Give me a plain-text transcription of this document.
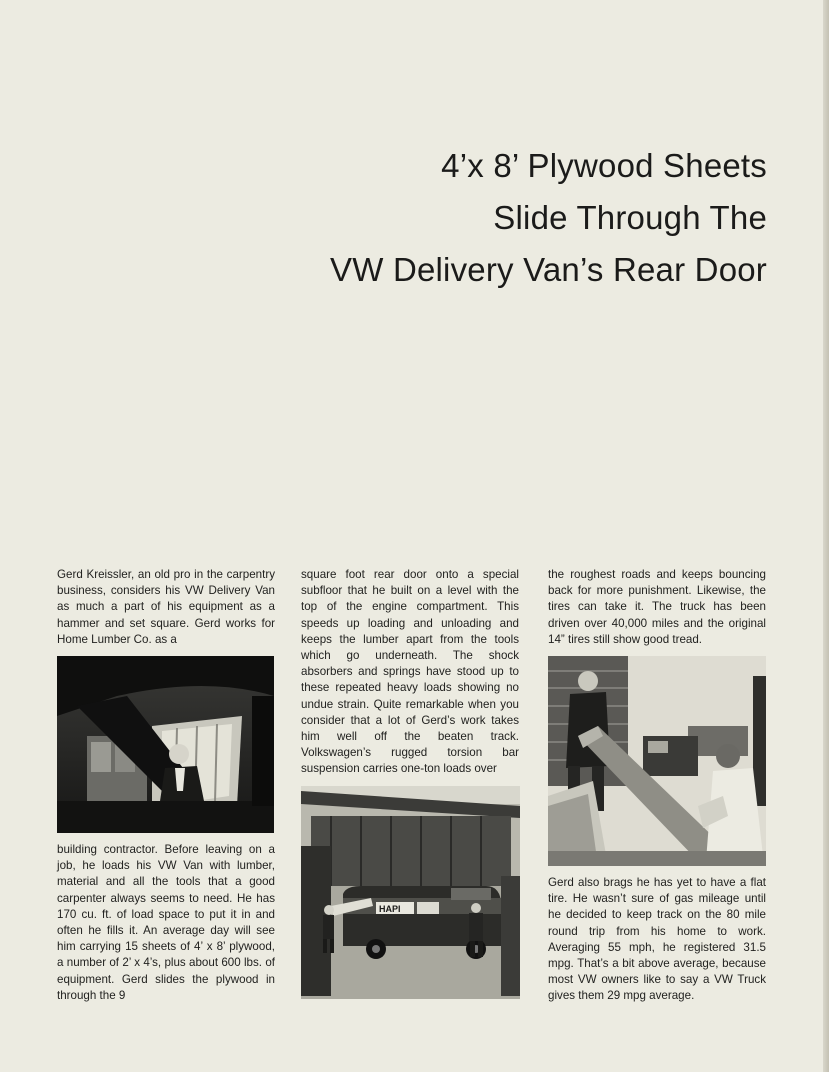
4’x 8’ Plywood Sheets
Slide Through The
VW Delivery Van’s Rear Door

Gerd Kreissler, an old pro in the carpentry business, considers his VW Delivery Van as much a part of his equipment as a hammer and set square. Gerd works for Home Lumber Co. as a

building contractor. Before leaving on a job, he loads his VW Van with lumber, material and all the tools that a good carpenter always seems to need. He has 170 cu. ft. of load space to put it in and often he fills it. An average day will see him carrying 15 sheets of 4’ x 8’ plywood, a number of 2’ x 4’s, plus about 600 lbs. of equipment. Gerd slides the plywood in through the 9

square foot rear door onto a special subfloor that he built on a level with the top of the engine compartment. This speeds up loading and unloading and keeps the lumber apart from the tools which go underneath. The shock absorbers and springs have stood up to these repeated heavy loads showing no undue strain. Quite remarkable when you consider that a lot of Gerd’s work takes him well off the beaten track. Volkswagen’s rugged torsion bar suspension carries one-ton loads over

HAPI

the roughest roads and keeps bouncing back for more punishment. Likewise, the tires can take it. The truck has been driven over 40,000 miles and the original 14” tires still show good tread.

Gerd also brags he has yet to have a flat tire. He wasn’t sure of gas mileage until he decided to keep track on the 80 mile round trip from his home to work. Averaging 55 mph, he registered 31.5 mpg. That’s a bit above average, because most VW owners like to say a VW Truck gives them 29 mpg average.
